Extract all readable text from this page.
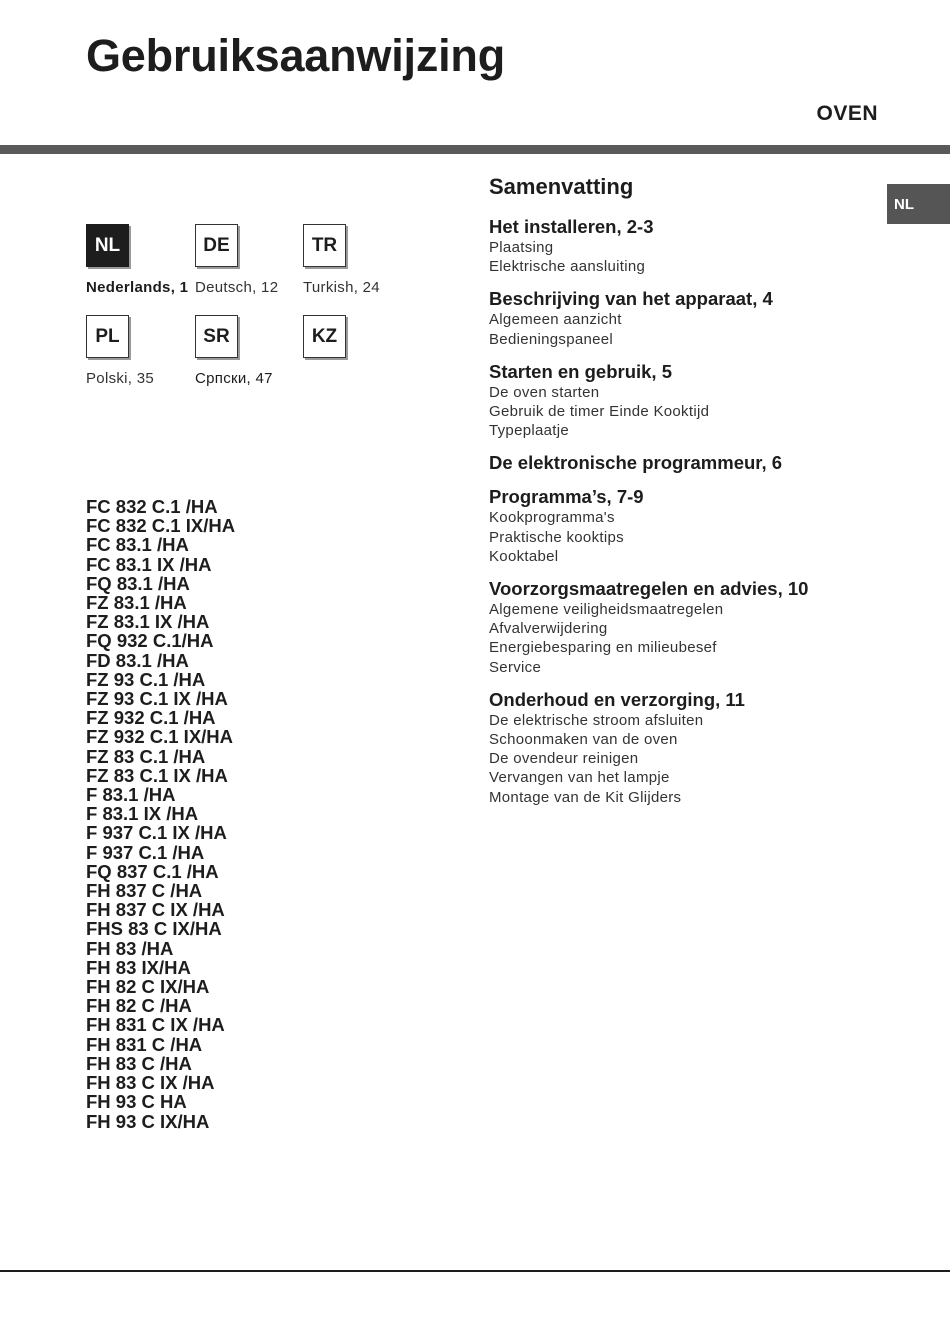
Gebruiksaanwijzing
OVEN
NL
NL	DE	TR
PL	SR	KZ
Nederlands, 1 Deutsch, 12 Turkish, 24
Polski, 35	Српски, 47
FC 832 C.1 /HA
FC 832 C.1 IX/HA
FC 83.1 /HA
FC 83.1 IX /HA
FQ 83.1 /HA
FZ 83.1 /HA
FZ 83.1 IX /HA
FQ 932 C.1/HA
FD 83.1 /HA
FZ 93 C.1 /HA
FZ 93 C.1 IX /HA
FZ 932 C.1 /HA
FZ 932 C.1 IX/HA
FZ 83 C.1 /HA
FZ 83 C.1 IX /HA
F 83.1 /HA
F 83.1 IX /HA
F 937 C.1 IX /HA
F 937 C.1 /HA
FQ 837 C.1 /HA
FH 837 C /HA
FH 837 C IX /HA
FHS 83 C IX/HA
FH 83 /HA
FH 83 IX/HA
FH 82 C IX/HA
FH 82 C /HA
FH 831 C IX /HA
FH 831 C /HA
FH 83 C /HA
FH 83 C IX /HA
FH 93 C HA
FH 93 C IX/HA
Samenvatting
Het installeren, 2-3
Plaatsing
Elektrische aansluiting
Beschrijving van het apparaat, 4
Algemeen aanzicht
Bedieningspaneel
Starten en gebruik, 5
De oven starten
Gebruik de timer Einde Kooktijd
Typeplaatje
De elektronische programmeur, 6
Programma’s, 7-9
Kookprogramma's
Praktische kooktips
Kooktabel
Voorzorgsmaatregelen en advies, 10
Algemene veiligheidsmaatregelen
Afvalverwijdering
Energiebesparing en milieubesef
Service
Onderhoud en verzorging, 11
De elektrische stroom afsluiten
Schoonmaken van de oven
De ovendeur reinigen
Vervangen van het lampje
Montage van de Kit Glijders
